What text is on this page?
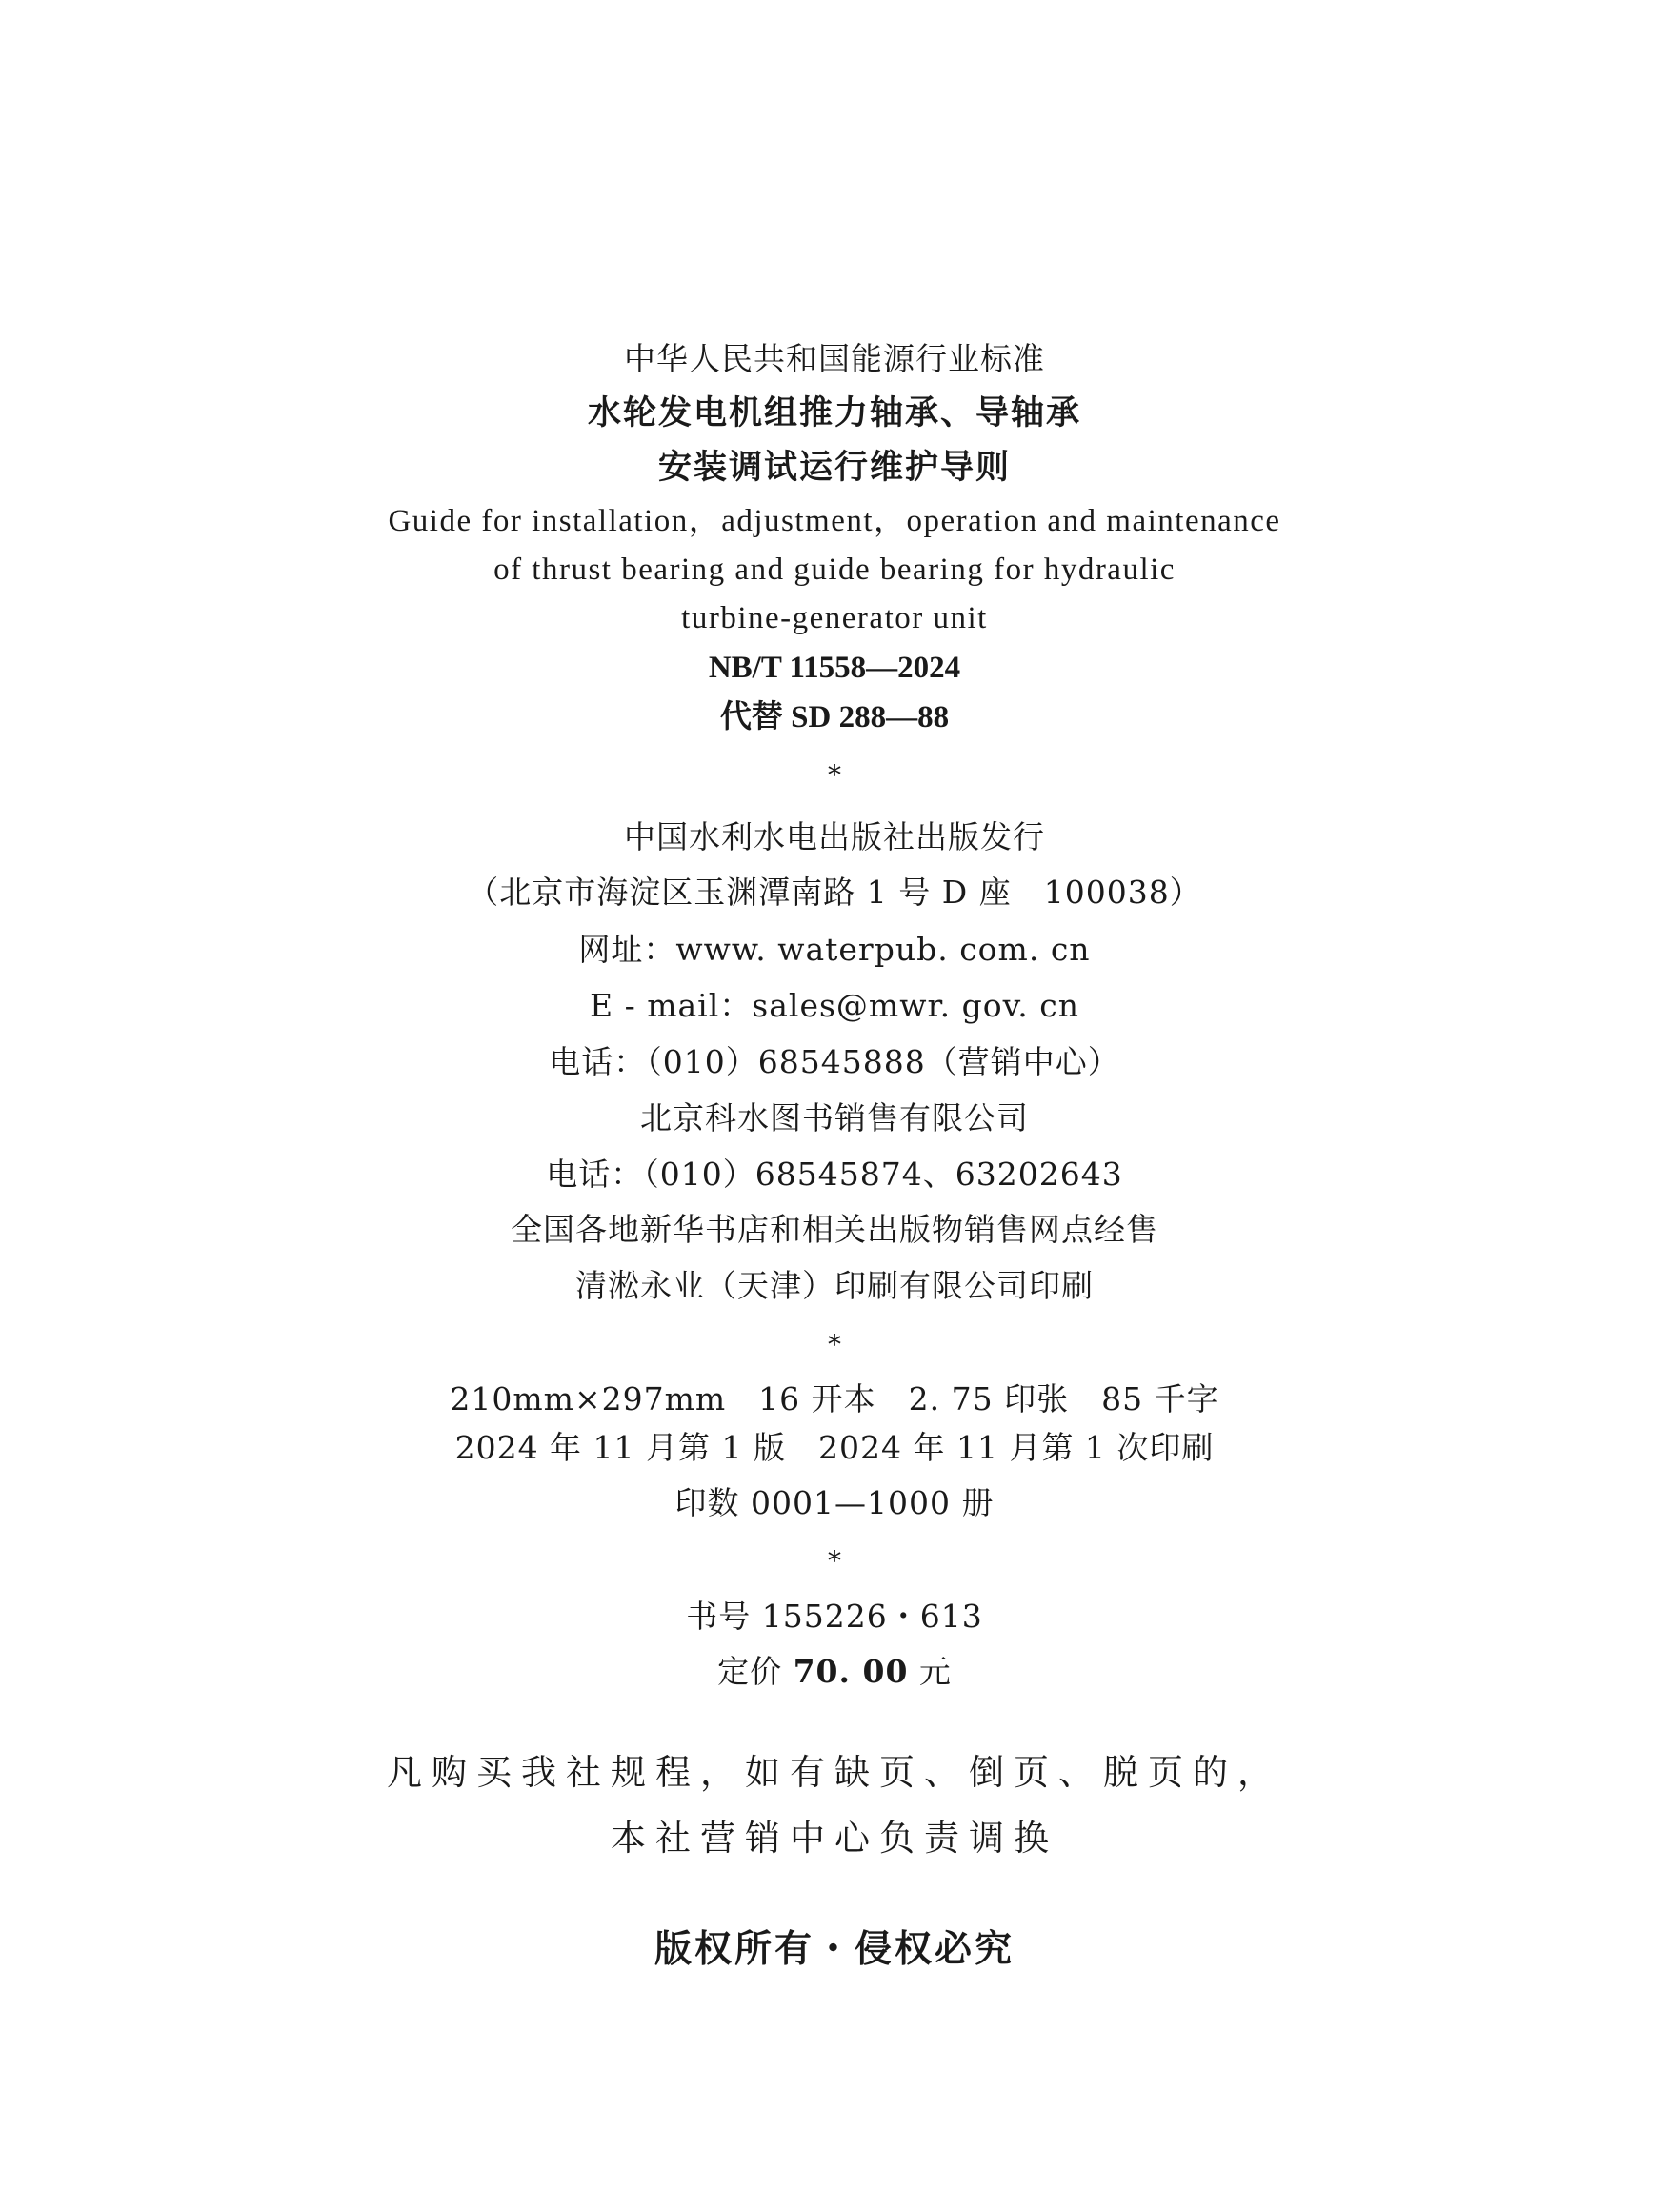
中华人民共和国能源行业标准
水轮发电机组推力轴承、导轴承
安装调试运行维护导则
Guide for installation，adjustment，operation and maintenance
of thrust bearing and guide bearing for hydraulic
turbine-generator unit
NB/T 11558—2024
代替 SD 288—88
*
中国水利水电出版社出版发行
（北京市海淀区玉渊潭南路 1 号 D 座　100038）
网址：www. waterpub. com. cn
E - mail：sales@mwr. gov. cn
电话：（010）68545888（营销中心）
北京科水图书销售有限公司
电话：（010）68545874、63202643
全国各地新华书店和相关出版物销售网点经售
清淞永业（天津）印刷有限公司印刷
*
210mm×297mm　16 开本　2. 75 印张　85 千字
2024 年 11 月第 1 版　2024 年 11 月第 1 次印刷
印数 0001—1000 册
*
书号 155226・613
定价 70. 00 元
凡购买我社规程，如有缺页、倒页、脱页的，
本社营销中心负责调换
版权所有・侵权必究
